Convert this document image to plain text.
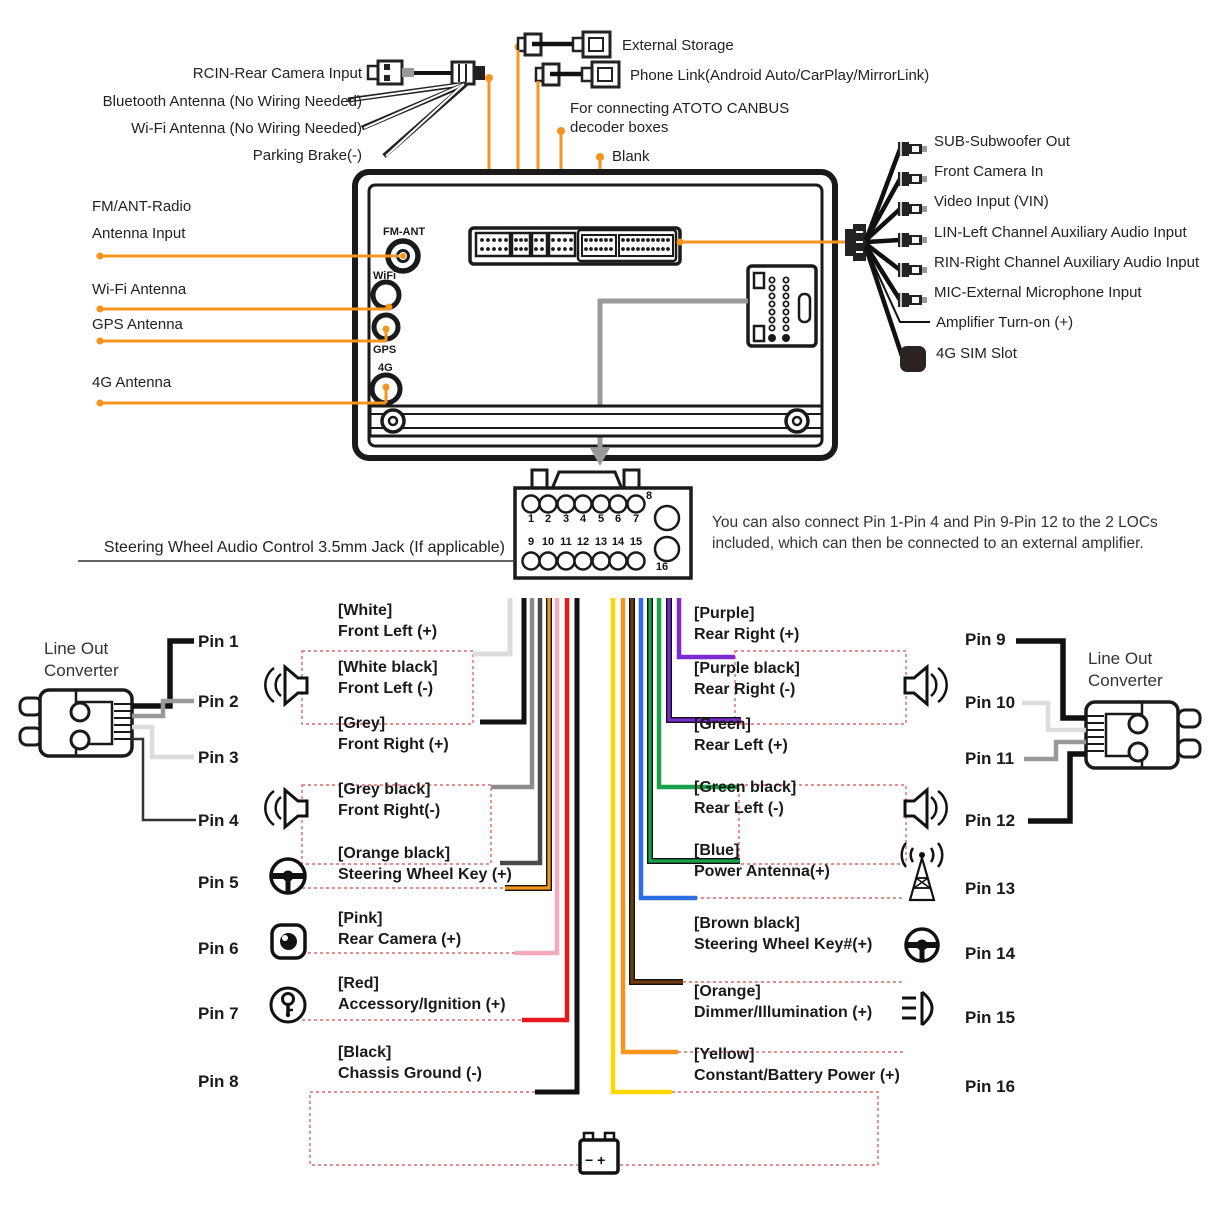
RCIN-Rear Camera Input
Bluetooth Antenna (No Wiring Needed)
Wi-Fi Antenna (No Wiring Needed)
Parking Brake(-)
External Storage
Phone Link(Android Auto/CarPlay/MirrorLink)
For connecting ATOTO CANBUS
decoder boxes
Blank
FM/ANT-Radio
Antenna Input
Wi-Fi Antenna
GPS Antenna
4G Antenna
FM-ANT
WiFi
GPS
4G
SUB-Subwoofer Out
Front Camera In
Video Input (VIN)
LIN-Left Channel Auxiliary Audio Input
RIN-Right Channel Auxiliary Audio Input
MIC-External Microphone Input
Amplifier Turn-on (+)
4G SIM Slot
Steering Wheel Audio Control 3.5mm Jack (If applicable)
You can also connect Pin 1-Pin 4 and Pin 9-Pin 12 to the 2 LOCs
included, which can then be connected to an external amplifier.
1 2	3 4	5 6	7
8
9 10 11 12 13 14 15
16
Line Out
Converter
Line Out
Converter
Pin 1
Pin 2
Pin 3
Pin 4
Pin 5
Pin 6
Pin 7
Pin 8
Pin 9
Pin 10
Pin 11
Pin 12
Pin 13
Pin 14
Pin 15
Pin 16
[White]
Front Left (+)
[White black]
Front Left (-)
[Grey]
Front Right (+)
[Grey black]
Front Right(-)
[Orange black]
Steering Wheel Key (+)
[Pink]
Rear Camera (+)
[Red]
Accessory/Ignition (+)
[Black]
Chassis Ground (-)
[Purple]
Rear Right (+)
[Purple black]
Rear Right (-)
[Green]
Rear Left (+)
[Green black]
Rear Left (-)
[Blue]
Power Antenna(+)
[Brown black]
Steering Wheel Key#(+)
[Orange]
Dimmer/Illumination (+)
[Yellow]
Constant/Battery Power (+)
− +
